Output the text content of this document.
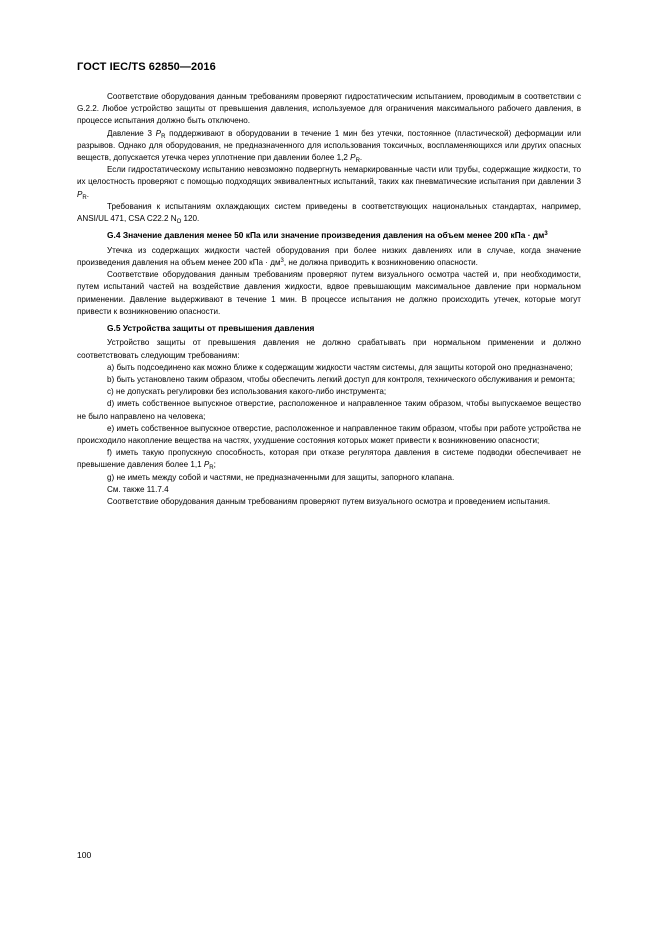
ГОСТ IEC/TS 62850—2016

Соответствие оборудования данным требованиям проверяют гидростатическим испытанием, проводимым в соответствии с G.2.2. Любое устройство защиты от превышения давления, используемое для ограничения максимального рабочего давления, в процессе испытания должно быть отключено.

Давление 3 $P_R$ поддерживают в оборудовании в течение 1 мин без утечки, постоянное (пластической) деформации или разрывов. Однако для оборудования, не предназначенного для использования токсичных, воспламеняющихся или других опасных веществ, допускается утечка через уплотнение при давлении более 1,2 $P_R$.

Если гидростатическому испытанию невозможно подвергнуть немаркированные части или трубы, содержащие жидкости, то их целостность проверяют с помощью подходящих эквивалентных испытаний, таких как пневматические испытания при давлении 3 $P_R$.

Требования к испытаниям охлаждающих систем приведены в соответствующих национальных стандартах, например, ANSI/UL 471, CSA C22.2 $N_O$ 120.

G.4 Значение давления менее 50 кПа или значение произведения давления на объем менее 200 кПа · $дм^3$

Утечка из содержащих жидкости частей оборудования при более низких давлениях или в случае, когда значение произведения давления на объем менее 200 кПа · $дм^3$, не должна приводить к возникновению опасности.

Соответствие оборудования данным требованиям проверяют путем визуального осмотра частей и, при необходимости, путем испытаний частей на воздействие давления жидкости, вдвое превышающим максимальное давление при нормальном применении. Давление выдерживают в течение 1 мин. В процессе испытания не должно происходить утечек, которые могут привести к возникновению опасности.

G.5 Устройства защиты от превышения давления

Устройство защиты от превышения давления не должно срабатывать при нормальном применении и должно соответствовать следующим требованиям:

a) быть подсоединено как можно ближе к содержащим жидкости частям системы, для защиты которой оно предназначено;

b) быть установлено таким образом, чтобы обеспечить легкий доступ для контроля, технического обслуживания и ремонта;

c) не допускать регулировки без использования какого-либо инструмента;

d) иметь собственное выпускное отверстие, расположенное и направленное таким образом, чтобы выпускаемое вещество не было направлено на человека;

e) иметь собственное выпускное отверстие, расположенное и направленное таким образом, чтобы при работе устройства не происходило накопление вещества на частях, ухудшение состояния которых может привести к возникновению опасности;

f) иметь такую пропускную способность, которая при отказе регулятора давления в системе подводки обеспечивает не превышение давления более 1,1 $P_R$;

g) не иметь между собой и частями, не предназначенными для защиты, запорного клапана.

См. также 11.7.4

Соответствие оборудования данным требованиям проверяют путем визуального осмотра и проведением испытания.

100
